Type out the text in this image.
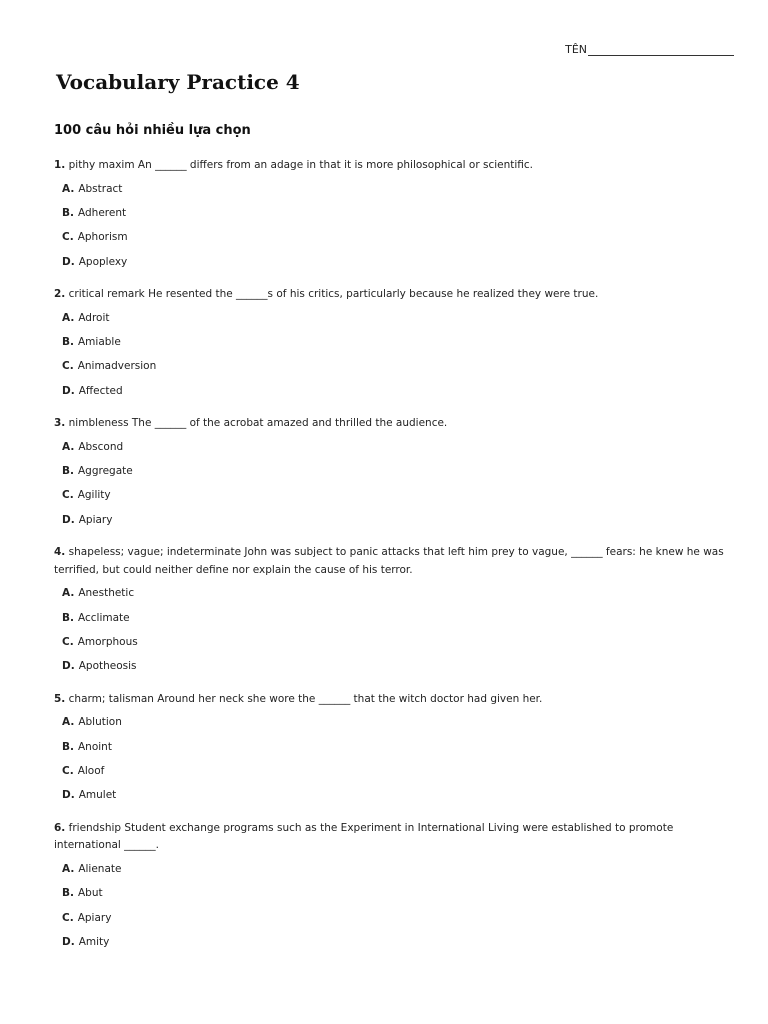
TÊN
Vocabulary Practice 4
100 câu hỏi nhiều lựa chọn

1. pithy maxim An ______ differs from an adage in that it is more philosophical or scientific.

A. Abstract
B. Adherent
C. Aphorism
D. Apoplexy

2. critical remark He resented the ______s of his critics, particularly because he realized they were true.

A. Adroit
B. Amiable
C. Animadversion
D. Affected

3. nimbleness The ______ of the acrobat amazed and thrilled the audience.

A. Abscond
B. Aggregate
C. Agility
D. Apiary

4. shapeless; vague; indeterminate John was subject to panic attacks that left him prey to vague, ______ fears: he knew he was terrified, but could neither define nor explain the cause of his terror.

A. Anesthetic
B. Acclimate
C. Amorphous
D. Apotheosis

5. charm; talisman Around her neck she wore the ______ that the witch doctor had given her.

A. Ablution
B. Anoint
C. Aloof
D. Amulet

6. friendship Student exchange programs such as the Experiment in International Living were established to promote international ______.

A. Alienate
B. Abut
C. Apiary
D. Amity
